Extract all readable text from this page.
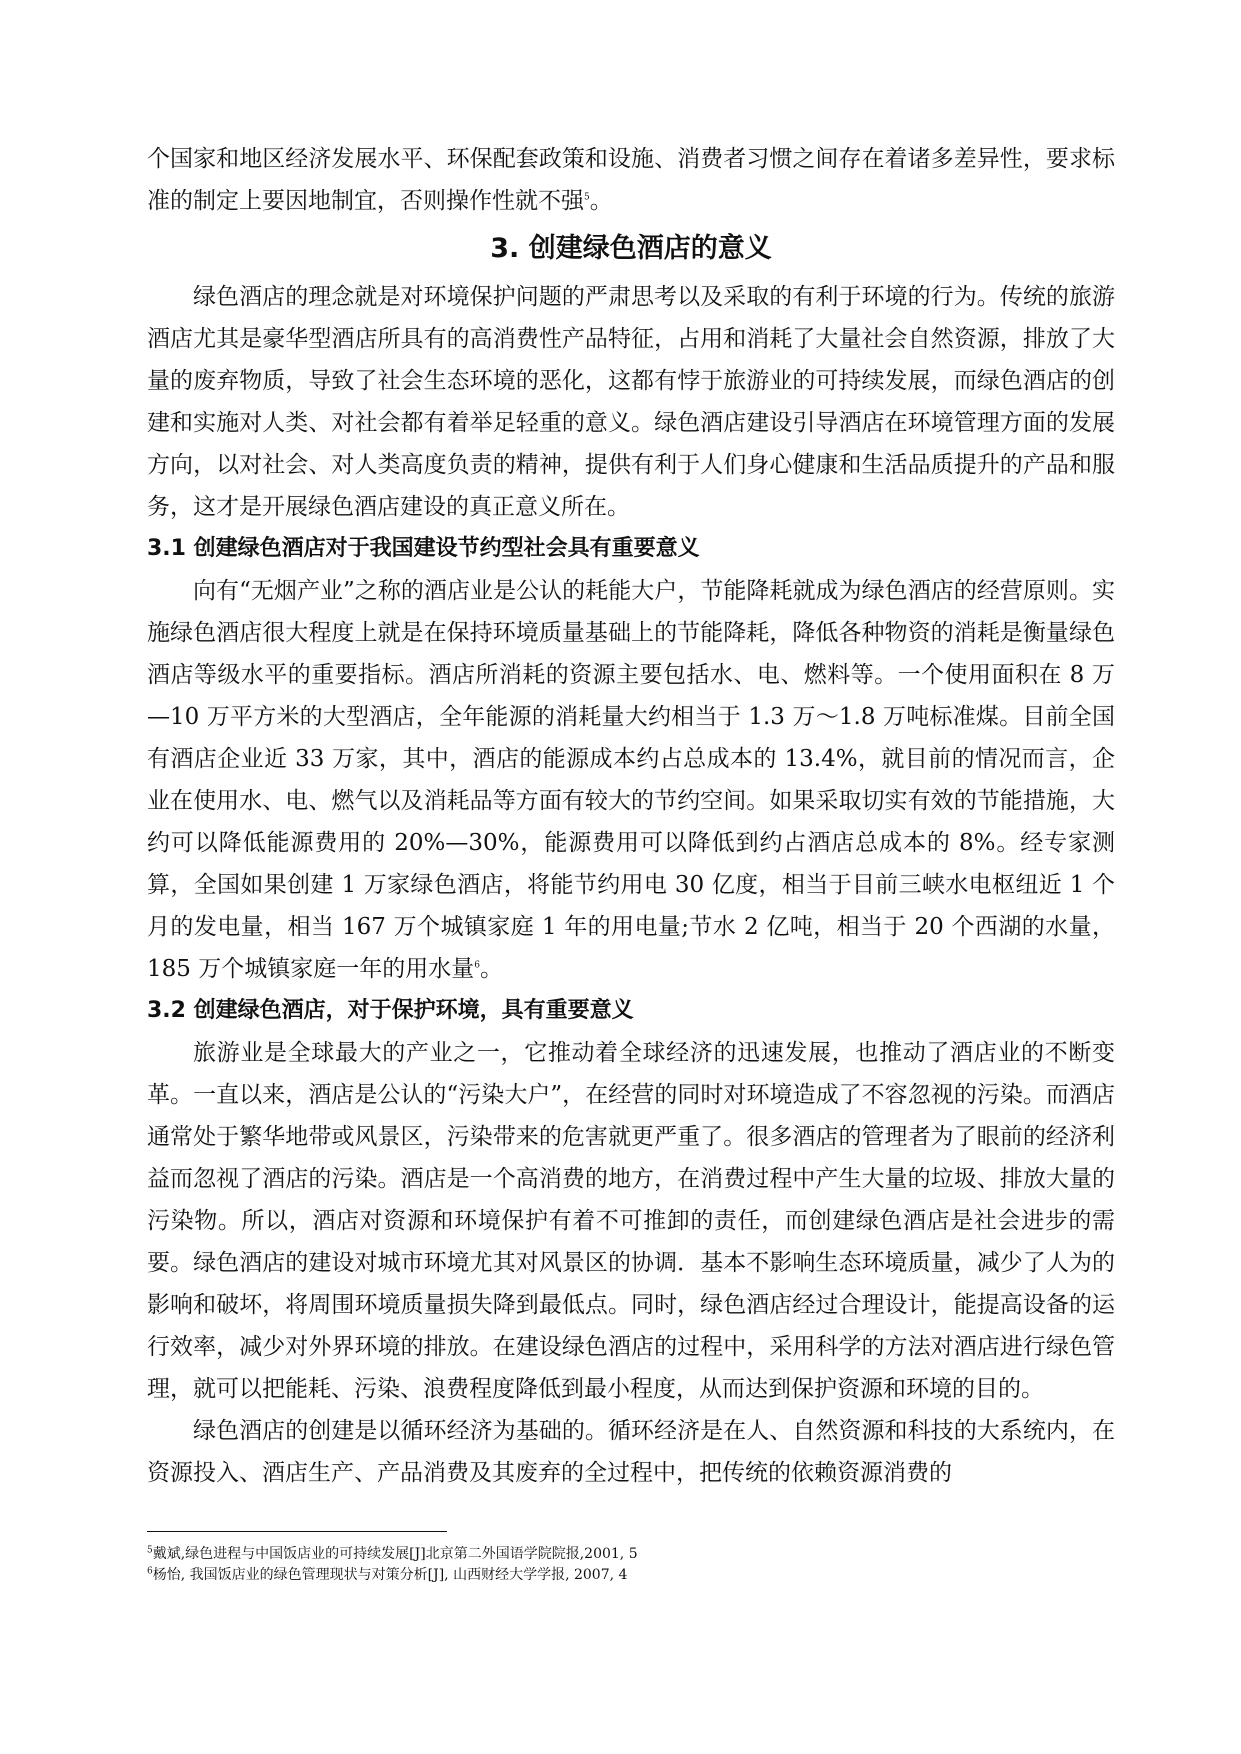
个国家和地区经济发展水平、环保配套政策和设施、消费者习惯之间存在着诸多差异性，要求标准的制定上要因地制宜，否则操作性就不强$^5$。

3. 创建绿色酒店的意义

绿色酒店的理念就是对环境保护问题的严肃思考以及采取的有利于环境的行为。传统的旅游酒店尤其是豪华型酒店所具有的高消费性产品特征，占用和消耗了大量社会自然资源，排放了大量的废弃物质，导致了社会生态环境的恶化，这都有悖于旅游业的可持续发展，而绿色酒店的创建和实施对人类、对社会都有着举足轻重的意义。绿色酒店建设引导酒店在环境管理方面的发展方向，以对社会、对人类高度负责的精神，提供有利于人们身心健康和生活品质提升的产品和服务，这才是开展绿色酒店建设的真正意义所在。

3.1 创建绿色酒店对于我国建设节约型社会具有重要意义

向有“无烟产业”之称的酒店业是公认的耗能大户，节能降耗就成为绿色酒店的经营原则。实施绿色酒店很大程度上就是在保持环境质量基础上的节能降耗，降低各种物资的消耗是衡量绿色酒店等级水平的重要指标。酒店所消耗的资源主要包括水、电、燃料等。一个使用面积在 8 万—10 万平方米的大型酒店，全年能源的消耗量大约相当于 1.3 万～1.8 万吨标准煤。目前全国有酒店企业近 33 万家，其中，酒店的能源成本约占总成本的 13.4%，就目前的情况而言，企业在使用水、电、燃气以及消耗品等方面有较大的节约空间。如果采取切实有效的节能措施，大约可以降低能源费用的 20%—30%，能源费用可以降低到约占酒店总成本的 8%。经专家测算，全国如果创建 1 万家绿色酒店，将能节约用电 30 亿度，相当于目前三峡水电枢纽近 1 个月的发电量，相当 167 万个城镇家庭 1 年的用电量;节水 2 亿吨，相当于 20 个西湖的水量，185 万个城镇家庭一年的用水量$^6$。

3.2 创建绿色酒店，对于保护环境，具有重要意义

旅游业是全球最大的产业之一，它推动着全球经济的迅速发展，也推动了酒店业的不断变革。一直以来，酒店是公认的“污染大户”，在经营的同时对环境造成了不容忽视的污染。而酒店通常处于繁华地带或风景区，污染带来的危害就更严重了。很多酒店的管理者为了眼前的经济利益而忽视了酒店的污染。酒店是一个高消费的地方，在消费过程中产生大量的垃圾、排放大量的污染物。所以，酒店对资源和环境保护有着不可推卸的责任，而创建绿色酒店是社会进步的需要。绿色酒店的建设对城市环境尤其对风景区的协调．基本不影响生态环境质量，减少了人为的影响和破坏，将周围环境质量损失降到最低点。同时，绿色酒店经过合理设计，能提高设备的运行效率，减少对外界环境的排放。在建设绿色酒店的过程中，采用科学的方法对酒店进行绿色管理，就可以把能耗、污染、浪费程度降低到最小程度，从而达到保护资源和环境的目的。

绿色酒店的创建是以循环经济为基础的。循环经济是在人、自然资源和科技的大系统内，在资源投入、酒店生产、产品消费及其废弃的全过程中，把传统的依赖资源消费的

$^5$戴斌,绿色进程与中国饭店业的可持续发展[J]北京第二外国语学院院报,2001, 5

$^6$杨怡, 我国饭店业的绿色管理现状与对策分析[J], 山西财经大学学报, 2007, 4
